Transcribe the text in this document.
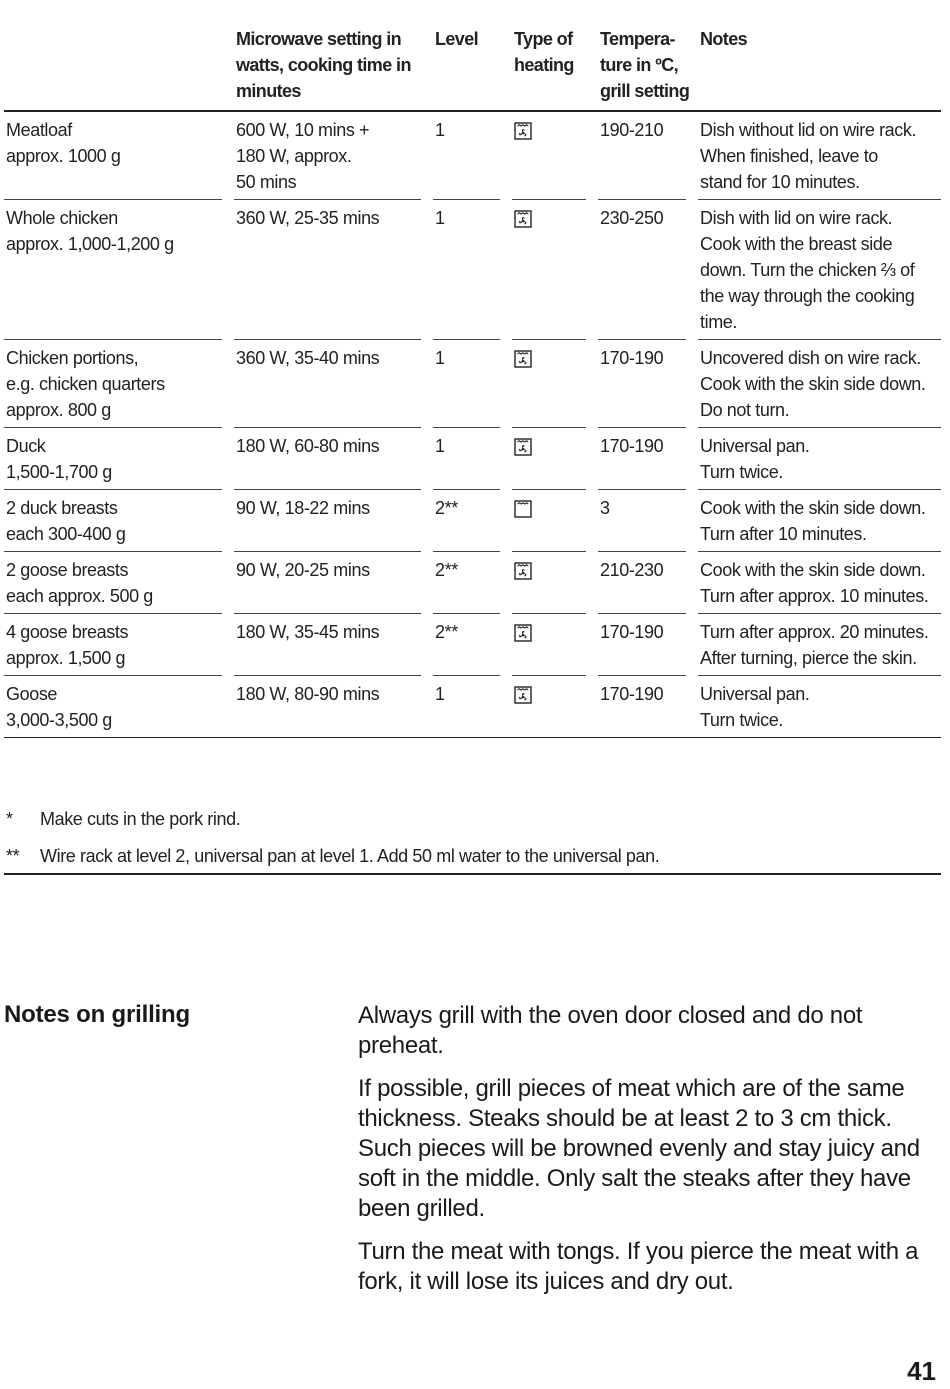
	Microwave setting in watts, cooking time in minutes	Level	Type of heating	Tempera- ture in ºC, grill setting	Notes

Meatloaf
approx. 1000 g	600 W, 10 mins +
180 W, approx.
50 mins	1		190-210	Dish without lid on wire rack.
When finished, leave to
stand for 10 minutes.

Whole chicken
approx. 1,000-1,200 g	360 W, 25-35 mins	1		230-250	Dish with lid on wire rack.
Cook with the breast side
down. Turn the chicken ⅔ of
the way through the cooking
time.

Chicken portions,
e.g. chicken quarters
approx. 800 g	360 W, 35-40 mins	1		170-190	Uncovered dish on wire rack.
Cook with the skin side down.
Do not turn.

Duck
1,500-1,700 g	180 W, 60-80 mins	1		170-190	Universal pan.
Turn twice.

2 duck breasts
each 300-400 g	90 W, 18-22 mins	2**		3	Cook with the skin side down.
Turn after 10 minutes.

2 goose breasts
each approx. 500 g	90 W, 20-25 mins	2**		210-230	Cook with the skin side down.
Turn after approx. 10 minutes.

4 goose breasts
approx. 1,500 g	180 W, 35-45 mins	2**		170-190	Turn after approx. 20 minutes.
After turning, pierce the skin.

Goose
3,000-3,500 g	180 W, 80-90 mins	1		170-190	Universal pan.
Turn twice.
* Make cuts in the pork rind.
** Wire rack at level 2, universal pan at level 1. Add 50 ml water to the universal pan.
Notes on grilling	Always grill with the oven door closed and do not preheat.

If possible, grill pieces of meat which are of the same thickness. Steaks should be at least 2 to 3 cm thick. Such pieces will be browned evenly and stay juicy and soft in the middle. Only salt the steaks after they have been grilled.

Turn the meat with tongs. If you pierce the meat with a fork, it will lose its juices and dry out.

41
